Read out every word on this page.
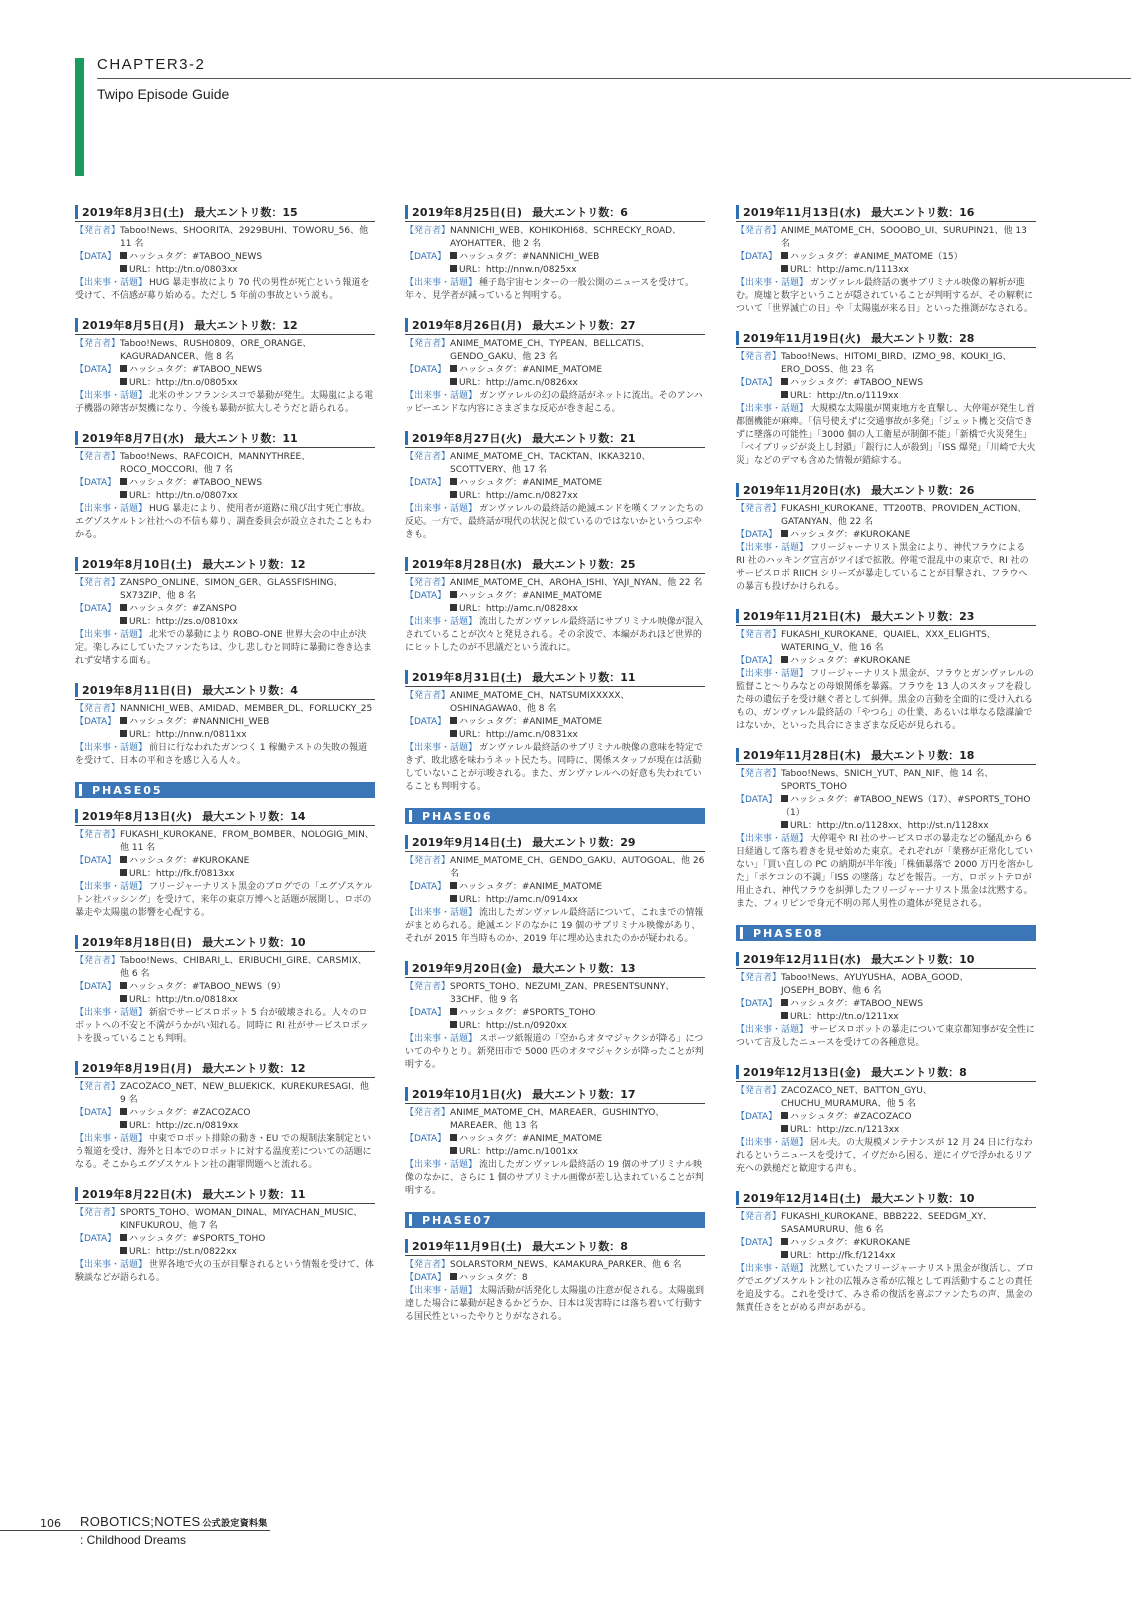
CHAPTER3-2
Twipo Episode Guide
2019年8月3日(土) 最大エントリ数：15
【発言者】 Taboo!News、SHOORITA、2929BUHI、TOWORU_56、他 11 名
【DATA】	ハッシュタグ：#TABOO_NEWS
URL：http://tn.o/0803xx
【出来事・話題】 HUG 暴走事故により 70 代の男性が死亡という報道を受けて、不信感が募り始める。ただし 5 年前の事故という説も。
2019年8月5日(月) 最大エントリ数：12
【発言者】 Taboo!News、RUSH0809、ORE_ORANGE、KAGURADANCER、他 8 名
【DATA】	ハッシュタグ：#TABOO_NEWS
URL：http://tn.o/0805xx
【出来事・話題】 北米のサンフランシスコで暴動が発生。太陽嵐による電子機器の障害が契機になり、今後も暴動が拡大しそうだと語られる。
2019年8月7日(水) 最大エントリ数：11
【発言者】 Taboo!News、RAFCOICH、MANNYTHREE、ROCO_MOCCORI、他 7 名
【DATA】	ハッシュタグ：#TABOO_NEWS
URL：http://tn.o/0807xx
【出来事・話題】 HUG 暴走により、使用者が道路に飛び出す死亡事故。エグゾスケルトン社社への不信も募り、調査委員会が設立されたこともわかる。
2019年8月10日(土) 最大エントリ数：12
【発言者】 ZANSPO_ONLINE、SIMON_GER、GLASSFISHING、SX73ZIP、他 8 名
【DATA】	ハッシュタグ：#ZANSPO
URL：http://zs.o/0810xx
【出来事・話題】 北米での暴動により ROBO-ONE 世界大会の中止が決定。楽しみにしていたファンたちは、少し悲しむと同時に暴動に巻き込まれず安堵する面も。
2019年8月11日(日) 最大エントリ数：4
【発言者】 NANNICHI_WEB、AMIDAD、MEMBER_DL、FORLUCKY_25
【DATA】	ハッシュタグ：#NANNICHI_WEB
URL：http://nnw.n/0811xx
【出来事・話題】 前日に行なわれたガンつく 1 稼働テストの失敗の報道を受けて、日本の平和さを感じ入る人々。
PHASE05
2019年8月13日(火) 最大エントリ数：14
【発言者】 FUKASHI_KUROKANE、FROM_BOMBER、NOLOGIG_MIN、他 11 名
【DATA】	ハッシュタグ：#KUROKANE
URL：http://fk.f/0813xx
【出来事・話題】 フリージャーナリスト黒金のブログでの「エグゾスケルトン社バッシング」を受けて、来年の東京万博へと話題が展開し、ロボの暴走や太陽嵐の影響を心配する。
2019年8月18日(日) 最大エントリ数：10
【発言者】 Taboo!News、CHIBARI_L、ERIBUCHI_GIRE、CARSMIX、他 6 名
【DATA】	ハッシュタグ：#TABOO_NEWS（9）
URL：http://tn.o/0818xx
【出来事・話題】 新宿でサービスロボット 5 台が破壊される。人々のロボットへの不安と不満がうかがい知れる。同時に RI 社がサービスロボットを扱っていることも判明。
2019年8月19日(月) 最大エントリ数：12
【発言者】 ZACOZACO_NET、NEW_BLUEKICK、KUREKURESAGI、他 9 名
【DATA】	ハッシュタグ：#ZACOZACO
URL：http://zc.n/0819xx
【出来事・話題】 中東でロボット排除の動き・EU での規制法案制定という報道を受け、海外と日本でのロボットに対する温度差についての話題になる。そこからエグゾスケルトン社の謝罪問題へと流れる。
2019年8月22日(木) 最大エントリ数：11
【発言者】 SPORTS_TOHO、WOMAN_DINAL、MIYACHAN_MUSIC、KINFUKUROU、他 7 名
【DATA】	ハッシュタグ：#SPORTS_TOHO
URL：http://st.n/0822xx
【出来事・話題】 世界各地で火の玉が目撃されるという情報を受けて、体験談などが語られる。
2019年8月25日(日) 最大エントリ数：6
【発言者】 NANNICHI_WEB、KOHIKOHI68、SCHRECKY_ROAD、AYOHATTER、他 2 名
【DATA】	ハッシュタグ：#NANNICHI_WEB
URL：http://nnw.n/0825xx
【出来事・話題】 種子島宇宙センターの一般公開のニュースを受けて。年々、見学者が減っていると判明する。
2019年8月26日(月) 最大エントリ数：27
【発言者】 ANIME_MATOME_CH、TYPEAN、BELLCATIS、GENDO_GAKU、他 23 名
【DATA】	ハッシュタグ：#ANIME_MATOME
URL：http://amc.n/0826xx
【出来事・話題】 ガンヴァレルの幻の最終話がネットに流出。そのアンハッピーエンドな内容にさまざまな反応が巻き起こる。
2019年8月27日(火) 最大エントリ数：21
【発言者】 ANIME_MATOME_CH、TACKTAN、IKKA3210、SCOTTVERY、他 17 名
【DATA】	ハッシュタグ：#ANIME_MATOME
URL：http://amc.n/0827xx
【出来事・話題】 ガンヴァレルの最終話の絶滅エンドを嘆くファンたちの反応。一方で、最終話が現代の状況と似ているのではないかというつぶやきも。
2019年8月28日(水) 最大エントリ数：25
【発言者】 ANIME_MATOME_CH、AROHA_ISHI、YAJI_NYAN、他 22 名
【DATA】	ハッシュタグ：#ANIME_MATOME
URL：http://amc.n/0828xx
【出来事・話題】 流出したガンヴァレル最終話にサブリミナル映像が混入されていることが次々と発見される。その余波で、本編があれほど世界的にヒットしたのが不思議だという流れに。
2019年8月31日(土) 最大エントリ数：11
【発言者】 ANIME_MATOME_CH、NATSUMIXXXXX、OSHINAGAWA0、他 8 名
【DATA】	ハッシュタグ：#ANIME_MATOME
URL：http://amc.n/0831xx
【出来事・話題】 ガンヴァレル最終話のサブリミナル映像の意味を特定できず、敗北感を味わうネット民たち。同時に、関係スタッフが現在は活動していないことが示唆される。また、ガンヴァレルへの好意も失われていることも判明する。
PHASE06
2019年9月14日(土) 最大エントリ数：29
【発言者】 ANIME_MATOME_CH、GENDO_GAKU、AUTOGOAL、他 26 名
【DATA】	ハッシュタグ：#ANIME_MATOME
URL：http://amc.n/0914xx
【出来事・話題】 流出したガンヴァレル最終話について、これまでの情報がまとめられる。絶滅エンドのなかに 19 個のサブリミナル映像があり、それが 2015 年当時ものか、2019 年に埋め込まれたのかが疑われる。
2019年9月20日(金) 最大エントリ数：13
【発言者】 SPORTS_TOHO、NEZUMI_ZAN、PRESENTSUNNY、33CHF、他 9 名
【DATA】	ハッシュタグ：#SPORTS_TOHO
URL：http://st.n/0920xx
【出来事・話題】 スポーツ紙報道の「空からオタマジャクシが降る」についてのやりとり。新発田市で 5000 匹のオタマジャクシが降ったことが判明する。
2019年10月1日(火) 最大エントリ数：17
【発言者】 ANIME_MATOME_CH、MAREAER、GUSHINTYO、MAREAER、他 13 名
【DATA】	ハッシュタグ：#ANIME_MATOME
URL：http://amc.n/1001xx
【出来事・話題】 流出したガンヴァレル最終話の 19 個のサブリミナル映像のなかに、さらに 1 個のサブリミナル画像が差し込まれていることが判明する。
PHASE07
2019年11月9日(土) 最大エントリ数：8
【発言者】 SOLARSTORM_NEWS、KAMAKURA_PARKER、他 6 名
【DATA】	ハッシュタグ：8
【出来事・話題】 太陽活動が活発化し太陽嵐の注意が促される。太陽嵐到達した場合に暴動が起きるかどうか、日本は災害時には落ち着いて行動する国民性といったやりとりがなされる。
2019年11月13日(水) 最大エントリ数：16
【発言者】 ANIME_MATOME_CH、SOOOBO_UI、SURUPIN21、他 13 名
【DATA】	ハッシュタグ：#ANIME_MATOME（15）
URL：http://amc.n/1113xx
【出来事・話題】 ガンヴァレル最終話の裏サブリミナル映像の解析が進む。廃墟と数字ということが隠されていることが判明するが、その解釈について「世界滅亡の日」や「太陽嵐が来る日」といった推測がなされる。
2019年11月19日(火) 最大エントリ数：28
【発言者】 Taboo!News、HITOMI_BIRD、IZMO_98、KOUKI_IG、ERO_DOSS、他 23 名
【DATA】	ハッシュタグ：#TABOO_NEWS
URL：http://tn.o/1119xx
【出来事・話題】 大規模な太陽嵐が関東地方を直撃し、大停電が発生し首都圏機能が麻痺。「信号使えずに交通事故が多発」「ジェット機と交信できずに墜落の可能性」「3000 個の人工衛星が制御不能」「新橋で火災発生」「ベイブリッジが炎上し封鎖」「銀行に人が殺到」「ISS 爆発」「川崎で大火災」などのデマも含めた情報が錯綜する。
2019年11月20日(水) 最大エントリ数：26
【発言者】 FUKASHI_KUROKANE、TT200TB、PROVIDEN_ACTION、GATANYAN、他 22 名
【DATA】	ハッシュタグ：#KUROKANE
【出来事・話題】 フリージャーナリスト黒金により、神代フラウによる RI 社のハッキング宣言がツイぽで拡散。停電で混乱中の東京で、RI 社のサービスロボ RIICH シリーズが暴走していることが目撃され、フラウへの暴言も投げかけられる。
2019年11月21日(木) 最大エントリ数：23
【発言者】 FUKASHI_KUROKANE、QUAIEL、XXX_ELIGHTS、WATERING_V、他 16 名
【DATA】	ハッシュタグ：#KUROKANE
【出来事・話題】 フリージャーナリスト黒金が、フラウとガンヴァレルの監督こと〜りみなとの母娘関係を暴露。フラウを 13 人のスタッフを殺した母の遺伝子を受け継ぐ者として糾弾。黒金の言動を全面的に受け入れるもの、ガンヴァレル最終話の「やつら」の仕業、あるいは単なる陰謀論ではないか、といった具合にさまざまな反応が見られる。
2019年11月28日(木) 最大エントリ数：18
【発言者】 Taboo!News、SNICH_YUT、PAN_NIF、他 14 名、SPORTS_TOHO
【DATA】	ハッシュタグ：#TABOO_NEWS（17）、#SPORTS_TOHO（1）
URL：http://tn.o/1128xx、http://st.n/1128xx
【出来事・話題】 大停電や RI 社のサービスロボの暴走などの騒乱から 6 日経過して落ち着きを見せ始めた東京。それぞれが「業務が正常化していない」「買い直しの PC の納期が半年後」「株価暴落で 2000 万円を溶かした」「ポケコンの不調」「ISS の墜落」などを報告。一方、ロボットテロが用止され、神代フラウを糾弾したフリージャーナリスト黒金は沈黙する。また、フィリピンで身元不明の邦人男性の遺体が発見される。
PHASE08
2019年12月11日(水) 最大エントリ数：10
【発言者】 Taboo!News、AYUYUSHA、AOBA_GOOD、JOSEPH_BOBY、他 6 名
【DATA】	ハッシュタグ：#TABOO_NEWS
URL：http://tn.o/1211xx
【出来事・話題】 サービスロボットの暴走について東京都知事が安全性について言及したニュースを受けての各種意見。
2019年12月13日(金) 最大エントリ数：8
【発言者】 ZACOZACO_NET、BATTON_GYU、CHUCHU_MURAMURA、他 5 名
【DATA】	ハッシュタグ：#ZACOZACO
URL：http://zc.n/1213xx
【出来事・話題】 居ル夫。の大規模メンテナンスが 12 月 24 日に行なわれるというニュースを受けて、イヴだから困る、逆にイヴで浮かれるリア充への鉄槌だと歓迎する声も。
2019年12月14日(土) 最大エントリ数：10
【発言者】 FUKASHI_KUROKANE、BBB222、SEEDGM_XY、SASAMURURU、他 6 名
【DATA】	ハッシュタグ：#KUROKANE
URL：http://fk.f/1214xx
【出来事・話題】 沈黙していたフリージャーナリスト黒金が復活し、ブログでエグゾスケルトン社の広報みさ希が広報として再活動することの責任を追及する。これを受けて、みさ希の復活を喜ぶファンたちの声、黒金の無責任さをとがめる声があがる。
106 ROBOTICS;NOTES 公式設定資料集
: Childhood Dreams
